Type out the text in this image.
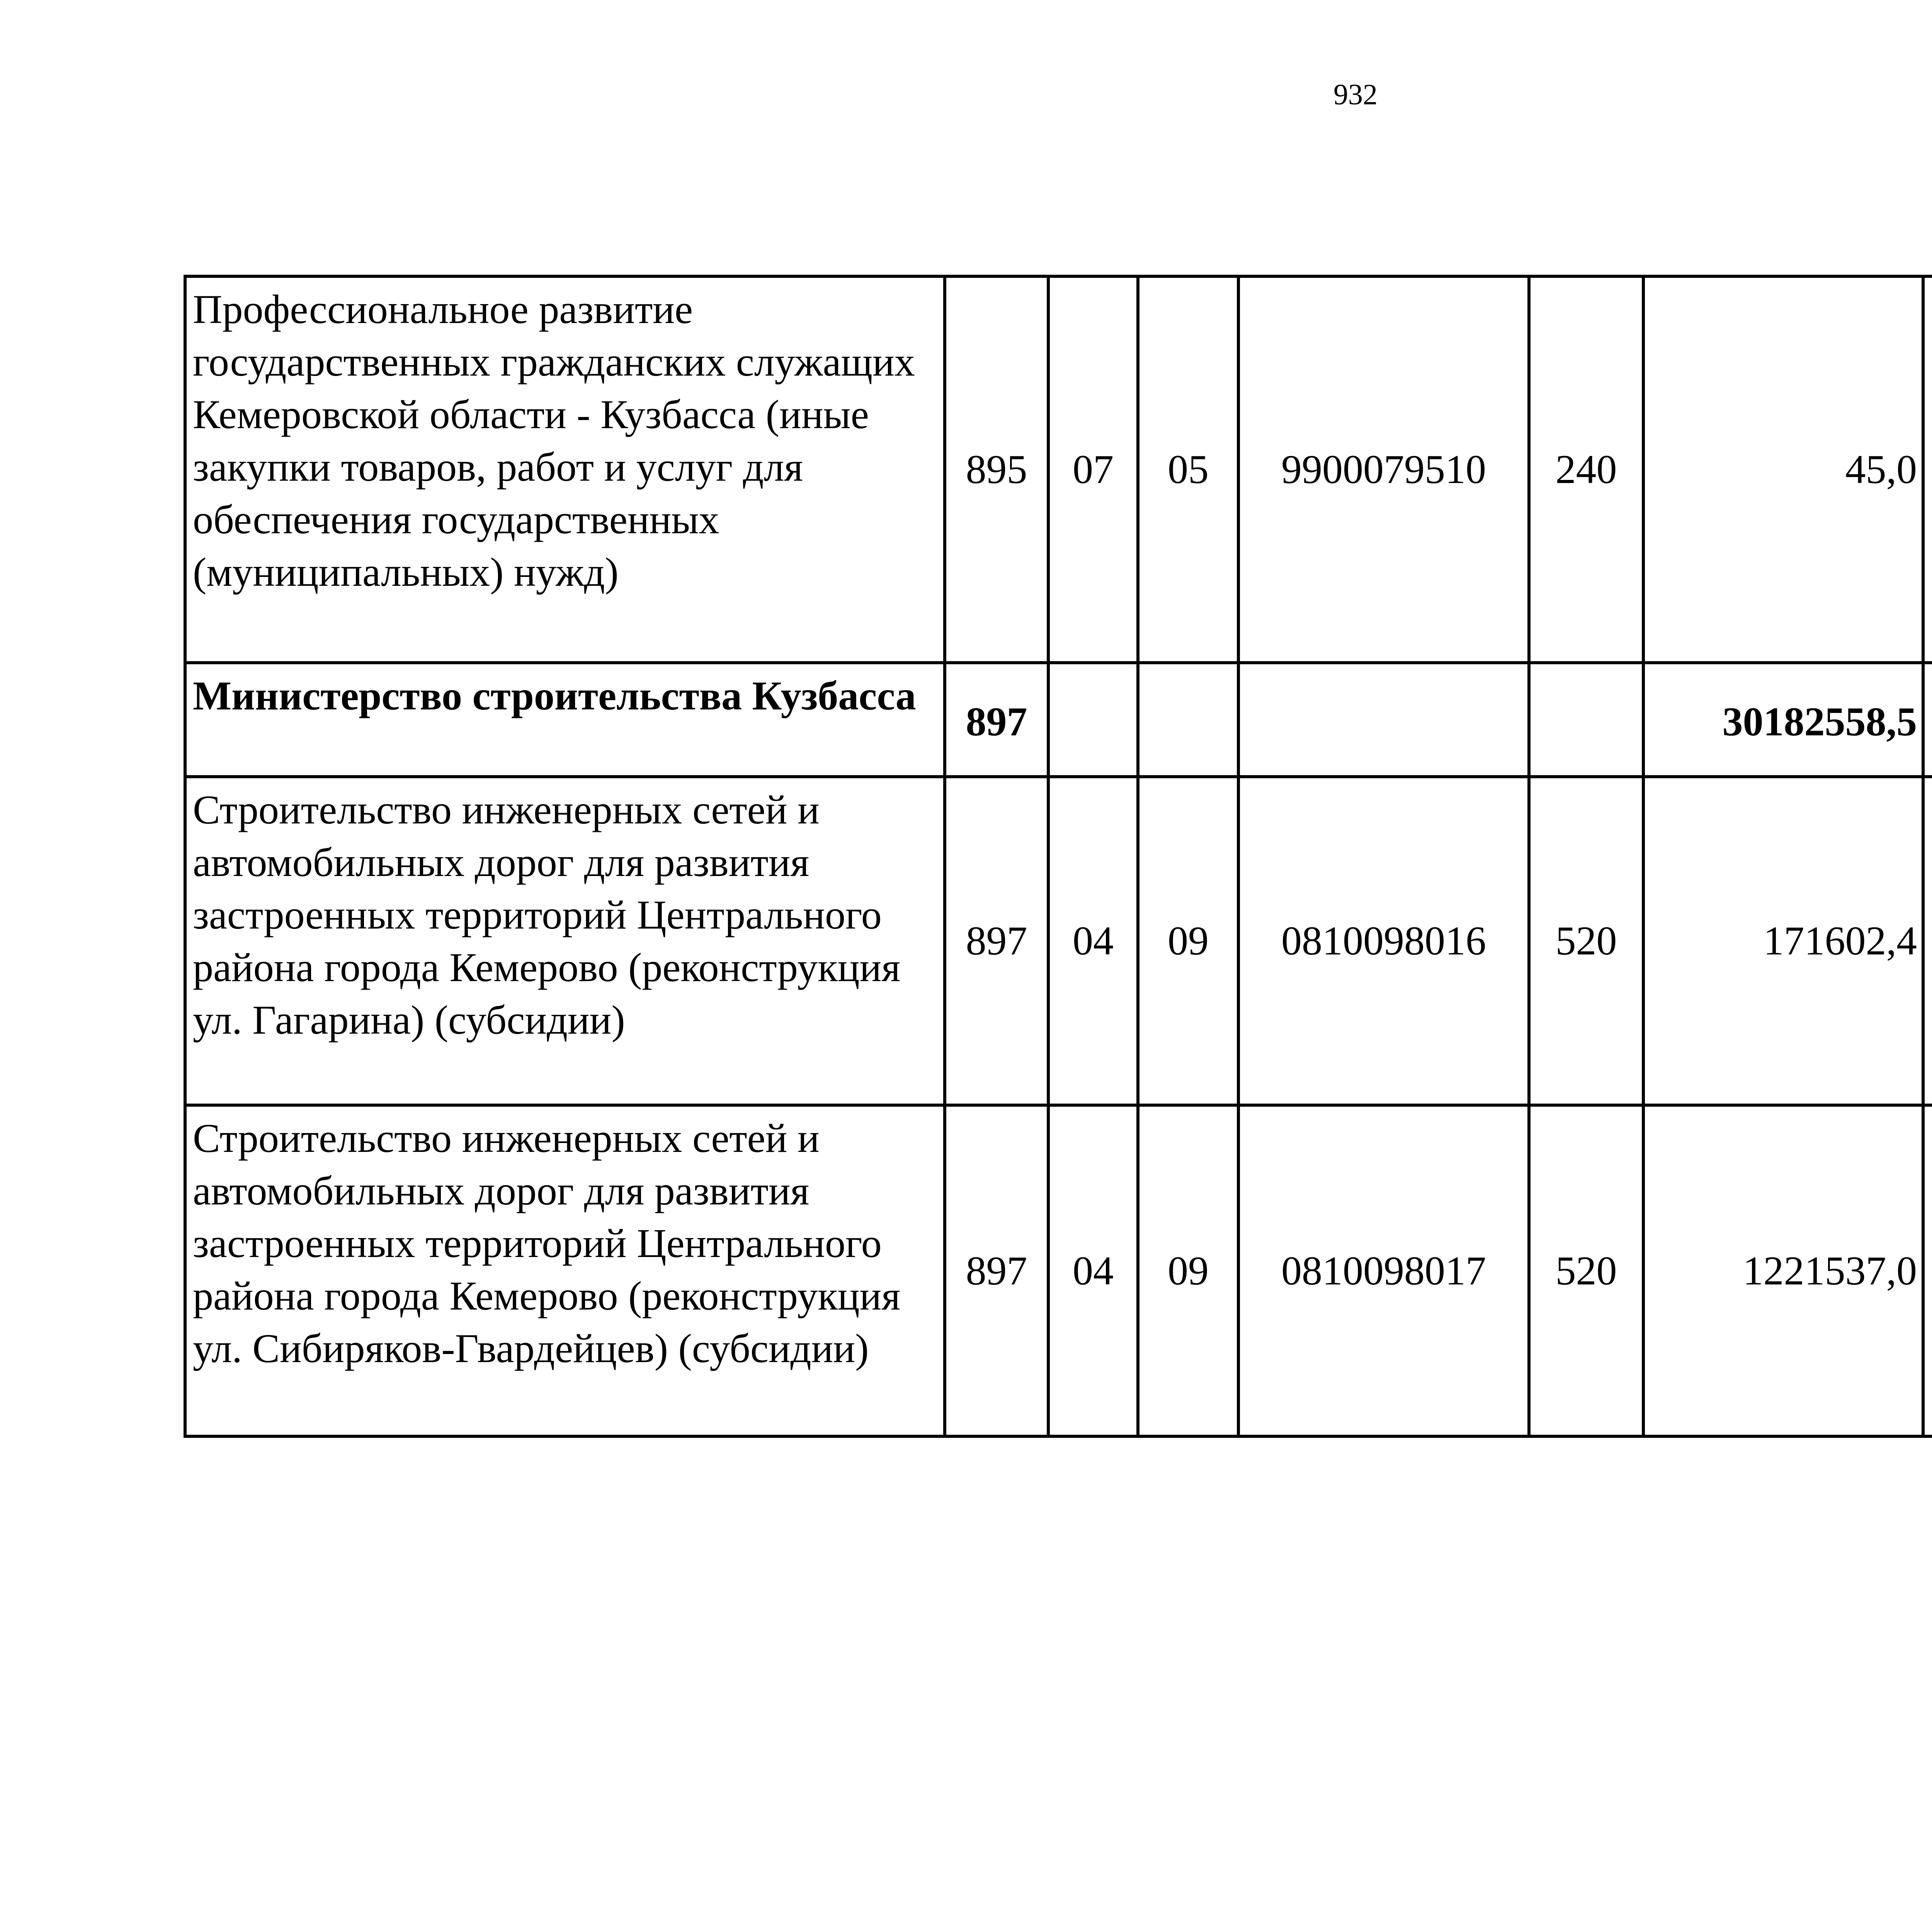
932
Профессиональное развитие государственных гражданских служащих Кемеровской области - Кузбасса (иные закупки товаров, работ и услуг для обеспечения государственных (муниципальных) нужд)	895	07	05	9900079510	240	45,0		
Министерство строительства Кузбасса	897					30182558,5		
Строительство инженерных сетей и автомобильных дорог для развития застроенных территорий Центрального района города Кемерово (реконструкция ул. Гагарина) (субсидии)	897	04	09	0810098016	520	171602,4		
Строительство инженерных сетей и автомобильных дорог для развития застроенных территорий Центрального района города Кемерово (реконструкция ул. Сибиряков-Гвардейцев) (субсидии)	897	04	09	0810098017	520	1221537,0		
